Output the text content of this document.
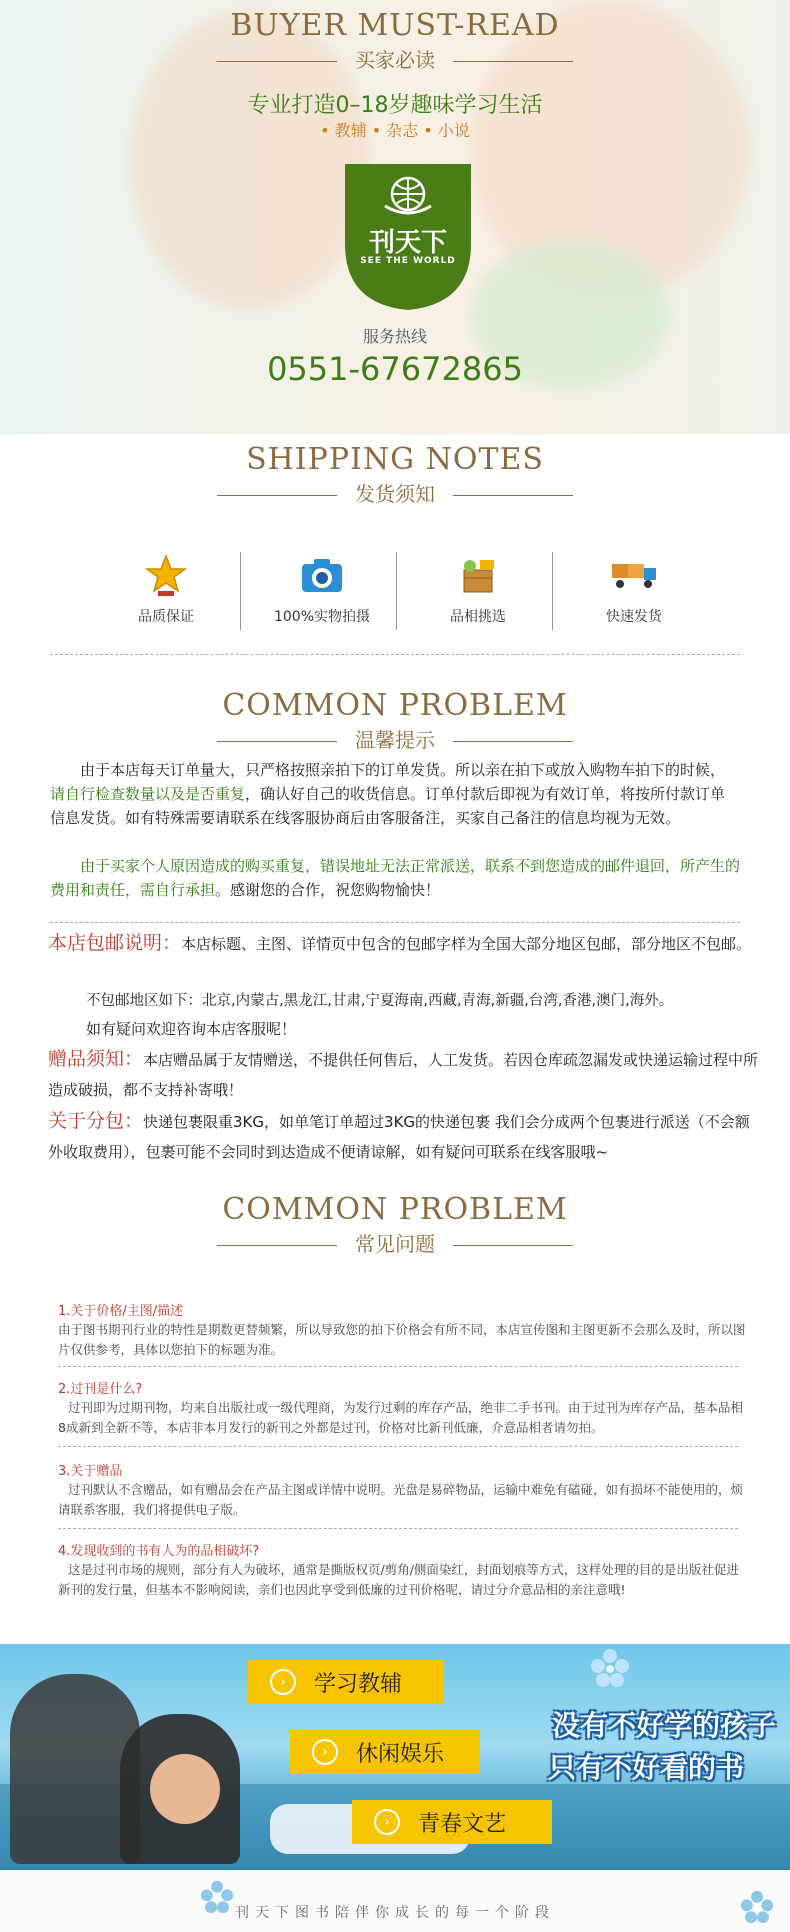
BUYER MUST-READ
买家必读
专业打造0–18岁趣味学习生活
• 教辅 • 杂志 • 小说
刊天下
SEE THE WORLD
服务热线
0551-67672865
SHIPPING NOTES
发货须知
品质保证	100%实物拍摄	品相挑选	快速发货
COMMON PROBLEM
温馨提示
由于本店每天订单量大，只严格按照亲拍下的订单发货。所以亲在拍下或放入购物车拍下的时候，请自行检查数量以及是否重复，确认好自己的收货信息。订单付款后即视为有效订单，将按所付款订单信息发货。如有特殊需要请联系在线客服协商后由客服备注，买家自己备注的信息均视为无效。
由于买家个人原因造成的购买重复，错误地址无法正常派送，联系不到您造成的邮件退回，所产生的费用和责任，需自行承担。感谢您的合作，祝您购物愉快！
本店包邮说明：本店标题、主图、详情页中包含的包邮字样为全国大部分地区包邮，部分地区不包邮。
不包邮地区如下：北京,内蒙古,黑龙江,甘肃,宁夏海南,西藏,青海,新疆,台湾,香港,澳门,海外。
如有疑问欢迎咨询本店客服呢！
赠品须知：本店赠品属于友情赠送，不提供任何售后，人工发货。若因仓库疏忽漏发或快递运输过程中所造成破损，都不支持补寄哦！
关于分包：快递包裹限重3KG，如单笔订单超过3KG的快递包裹 我们会分成两个包裹进行派送（不会额外收取费用），包裹可能不会同时到达造成不便请谅解，如有疑问可联系在线客服哦~
COMMON PROBLEM
常见问题
1.关于价格/主图/描述
由于图书期刊行业的特性是期数更替频繁，所以导致您的拍下价格会有所不同，本店宣传图和主图更新不会那么及时，所以图片仅供参考，具体以您拍下的标题为准。
2.过刊是什么?
过刊即为过期刊物，均来自出版社或一级代理商，为发行过剩的库存产品，绝非二手书刊。由于过刊为库存产品，基本品相8成新到全新不等，本店非本月发行的新刊之外都是过刊，价格对比新刊低廉，介意品相者请勿拍。
3.关于赠品
过刊默认不含赠品，如有赠品会在产品主图或详情中说明。光盘是易碎物品，运输中难免有磕碰，如有损坏不能使用的，烦请联系客服，我们将提供电子版。
4.发现收到的书有人为的品相破坏?
这是过刊市场的规则，部分有人为破坏，通常是撕版权页/剪角/侧面染红，封面划痕等方式，这样处理的目的是出版社促进新刊的发行量，但基本不影响阅读，亲们也因此享受到低廉的过刊价格呢，请过分介意品相的亲注意哦!
›	学习教辅
›	休闲娱乐
›	青春文艺
没有不好学的孩子
只有不好看的书
刊天下图书陪伴你成长的每一个阶段
